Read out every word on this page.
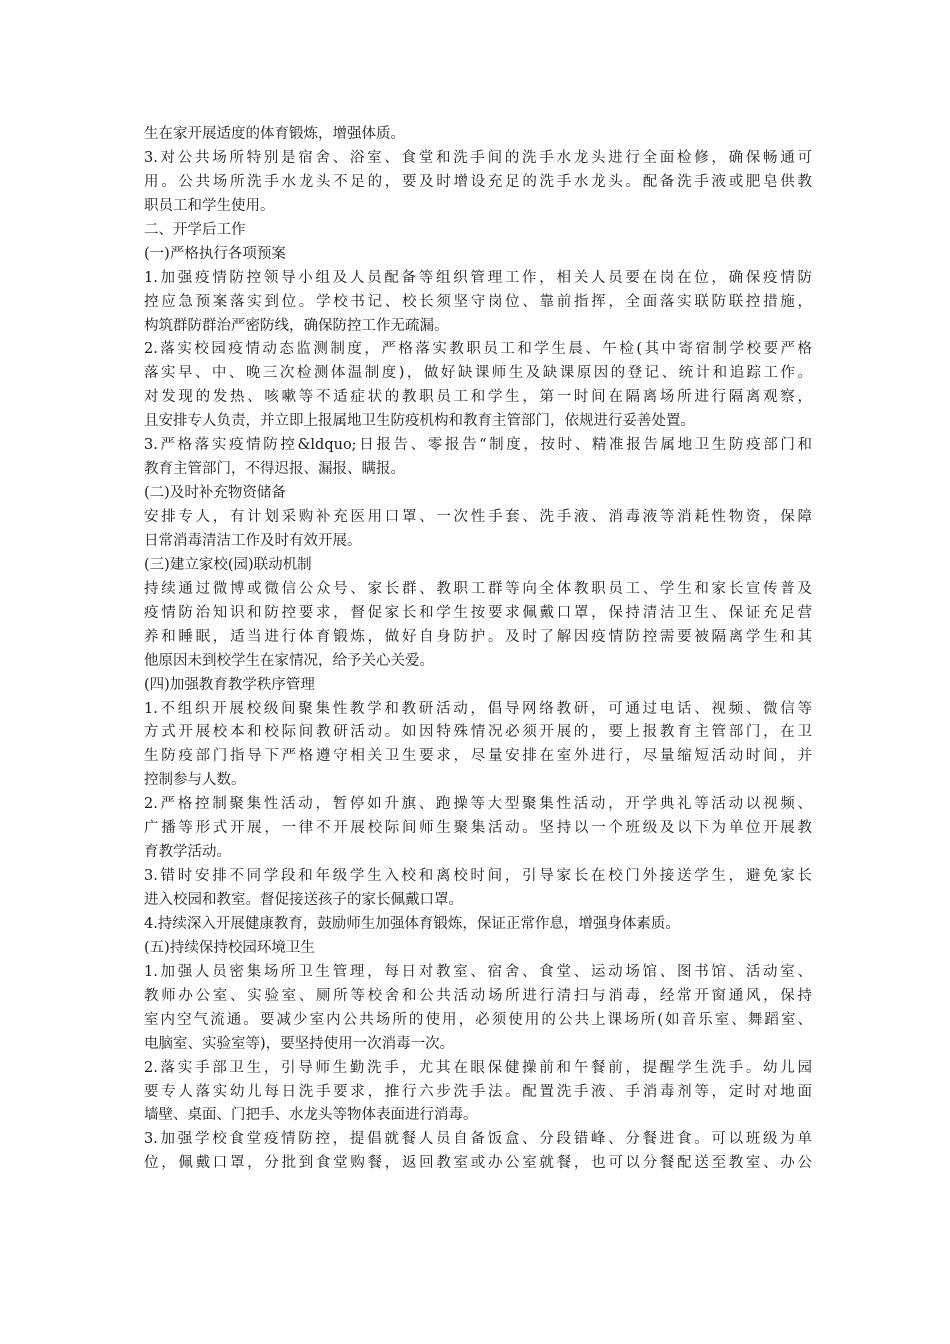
生在家开展适度的体育锻炼，增强体质。
3.对公共场所特别是宿舍、浴室、食堂和洗手间的洗手水龙头进行全面检修，确保畅通可
用。公共场所洗手水龙头不足的，要及时增设充足的洗手水龙头。配备洗手液或肥皂供教
职员工和学生使用。
二、开学后工作
(一)严格执行各项预案
1.加强疫情防控领导小组及人员配备等组织管理工作，相关人员要在岗在位，确保疫情防
控应急预案落实到位。学校书记、校长须坚守岗位、靠前指挥，全面落实联防联控措施，
构筑群防群治严密防线，确保防控工作无疏漏。
2.落实校园疫情动态监测制度，严格落实教职员工和学生晨、午检(其中寄宿制学校要严格
落实早、中、晚三次检测体温制度)，做好缺课师生及缺课原因的登记、统计和追踪工作。
对发现的发热、咳嗽等不适症状的教职员工和学生，第一时间在隔离场所进行隔离观察，
且安排专人负责，并立即上报属地卫生防疫机构和教育主管部门，依规进行妥善处置。
3.严格落实疫情防控&ldquo;日报告、零报告“制度，按时、精准报告属地卫生防疫部门和
教育主管部门，不得迟报、漏报、瞒报。
(二)及时补充物资储备
安排专人，有计划采购补充医用口罩、一次性手套、洗手液、消毒液等消耗性物资，保障
日常消毒清洁工作及时有效开展。
(三)建立家校(园)联动机制
持续通过微博或微信公众号、家长群、教职工群等向全体教职员工、学生和家长宣传普及
疫情防治知识和防控要求，督促家长和学生按要求佩戴口罩，保持清洁卫生、保证充足营
养和睡眠，适当进行体育锻炼，做好自身防护。及时了解因疫情防控需要被隔离学生和其
他原因未到校学生在家情况，给予关心关爱。
(四)加强教育教学秩序管理
1.不组织开展校级间聚集性教学和教研活动，倡导网络教研，可通过电话、视频、微信等
方式开展校本和校际间教研活动。如因特殊情况必须开展的，要上报教育主管部门，在卫
生防疫部门指导下严格遵守相关卫生要求，尽量安排在室外进行，尽量缩短活动时间，并
控制参与人数。
2.严格控制聚集性活动，暂停如升旗、跑操等大型聚集性活动，开学典礼等活动以视频、
广播等形式开展，一律不开展校际间师生聚集活动。坚持以一个班级及以下为单位开展教
育教学活动。
3.错时安排不同学段和年级学生入校和离校时间，引导家长在校门外接送学生，避免家长
进入校园和教室。督促接送孩子的家长佩戴口罩。
4.持续深入开展健康教育，鼓励师生加强体育锻炼，保证正常作息，增强身体素质。
(五)持续保持校园环境卫生
1.加强人员密集场所卫生管理，每日对教室、宿舍、食堂、运动场馆、图书馆、活动室、
教师办公室、实验室、厕所等校舍和公共活动场所进行清扫与消毒，经常开窗通风，保持
室内空气流通。要减少室内公共场所的使用，必须使用的公共上课场所(如音乐室、舞蹈室、
电脑室、实验室等)，要坚持使用一次消毒一次。
2.落实手部卫生，引导师生勤洗手，尤其在眼保健操前和午餐前，提醒学生洗手。幼儿园
要专人落实幼儿每日洗手要求，推行六步洗手法。配置洗手液、手消毒剂等，定时对地面
墙壁、桌面、门把手、水龙头等物体表面进行消毒。
3.加强学校食堂疫情防控，提倡就餐人员自备饭盒、分段错峰、分餐进食。可以班级为单
位，佩戴口罩，分批到食堂购餐，返回教室或办公室就餐，也可以分餐配送至教室、办公
